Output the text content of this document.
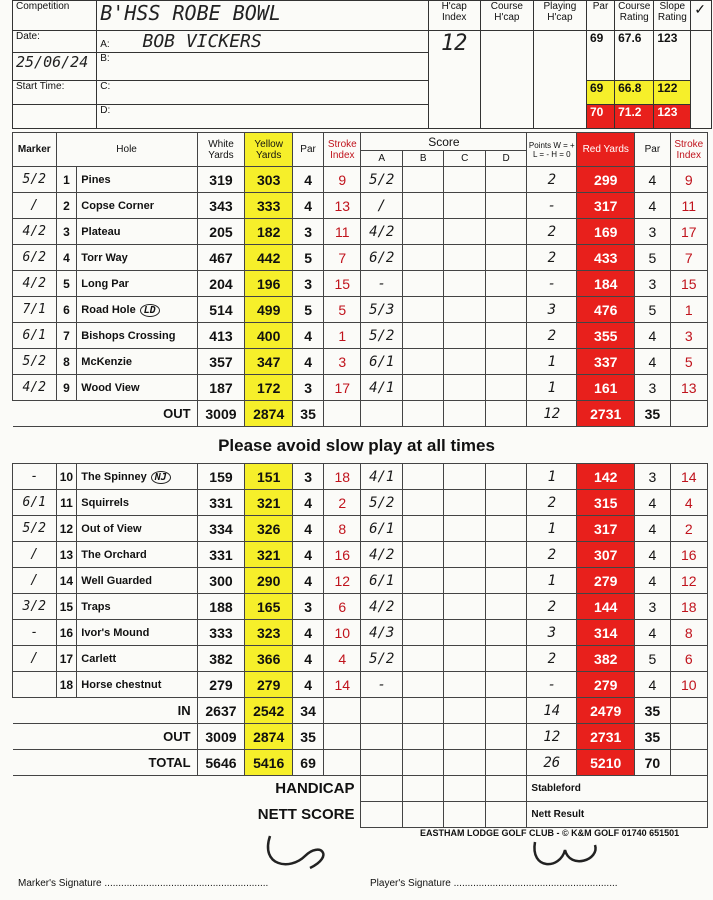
Competition	B'HSS ROBE BOWL	H'cap Index	Course H'cap	Playing H'cap	Par	Course Rating	Slope Rating	✓
Date:	A: BOB VICKERS	12			69	67.6	123	
25/06/24	B:							
Start Time:	C:				69	66.8	122	
	D:				70	71.2	123	
Marker	Hole		White Yards	Yellow Yards	Par	Stroke Index	Score				Points W = + L = - H = 0	Red Yards	Par	Stroke Index
							A	B	C	D				
5/2	1	Pines	319	303	4	9	5/2				2	299	4	9
/	2	Copse Corner	343	333	4	13	/				-	317	4	11
4/2	3	Plateau	205	182	3	11	4/2				2	169	3	17
6/2	4	Torr Way	467	442	5	7	6/2				2	433	5	7
4/2	5	Long Par	204	196	3	15	-				-	184	3	15
7/1	6	Road Hole LD	514	499	5	5	5/3				3	476	5	1
6/1	7	Bishops Crossing	413	400	4	1	5/2				2	355	4	3
5/2	8	McKenzie	357	347	4	3	6/1				1	337	4	5
4/2	9	Wood View	187	172	3	17	4/1				1	161	3	13
OUT			3009	2874	35						12	2731	35	
Please avoid slow play at all times
-	10	The Spinney NJ	159	151	3	18	4/1				1	142	3	14
6/1	11	Squirrels	331	321	4	2	5/2				2	315	4	4
5/2	12	Out of View	334	326	4	8	6/1				1	317	4	2
/	13	The Orchard	331	321	4	16	4/2				2	307	4	16
/	14	Well Guarded	300	290	4	12	6/1				1	279	4	12
3/2	15	Traps	188	165	3	6	4/2				2	144	3	18
-	16	Ivor's Mound	333	323	4	10	4/3				3	314	4	8
/	17	Carlett	382	366	4	4	5/2				2	382	5	6
	18	Horse chestnut	279	279	4	14	-				-	279	4	10
IN			2637	2542	34						14	2479	35	
OUT			3009	2874	35						12	2731	35	
TOTAL			5646	5416	69						26	5210	70	
HANDICAP											Stableford			
NETT SCORE											Nett Result			
EASTHAM LODGE GOLF CLUB - © K&M GOLF 01740 651501
Marker's Signature ...........................................................	Player's Signature ...........................................................
